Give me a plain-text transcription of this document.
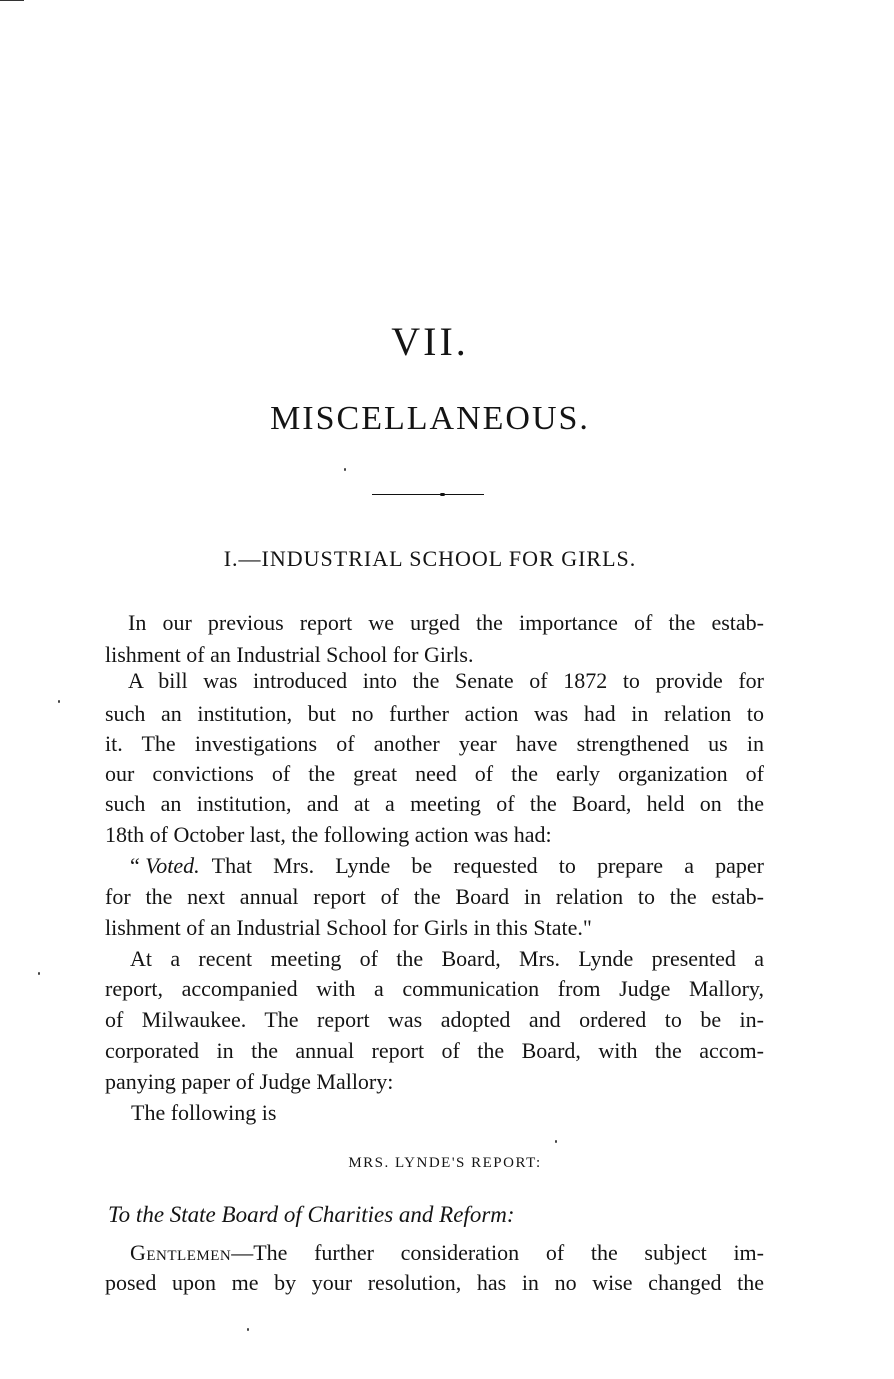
VII.
MISCELLANEOUS.
I.—INDUSTRIAL SCHOOL FOR GIRLS.

In our previous report we urged the importance of the estab-

lishment of an Industrial School for Girls.

A bill was introduced into the Senate of 1872 to provide for

such an institution, but no further action was had in relation to

it. The investigations of another year have strengthened us in

our convictions of the great need of the early organization of

such an institution, and at a meeting of the Board, held on the

18th of October last, the following action was had:

“ Voted. That Mrs. Lynde be requested to prepare a paper

for the next annual report of the Board in relation to the estab-

lishment of an Industrial School for Girls in this State."

At a recent meeting of the Board, Mrs. Lynde presented a

report, accompanied with a communication from Judge Mallory,

of Milwaukee. The report was adopted and ordered to be in-

corporated in the annual report of the Board, with the accom-

panying paper of Judge Mallory:

The following is

MRS. LYNDE'S REPORT:

To the State Board of Charities and Reform:

Gentlemen —The further consideration of the subject im-

posed upon me by your resolution, has in no wise changed the
